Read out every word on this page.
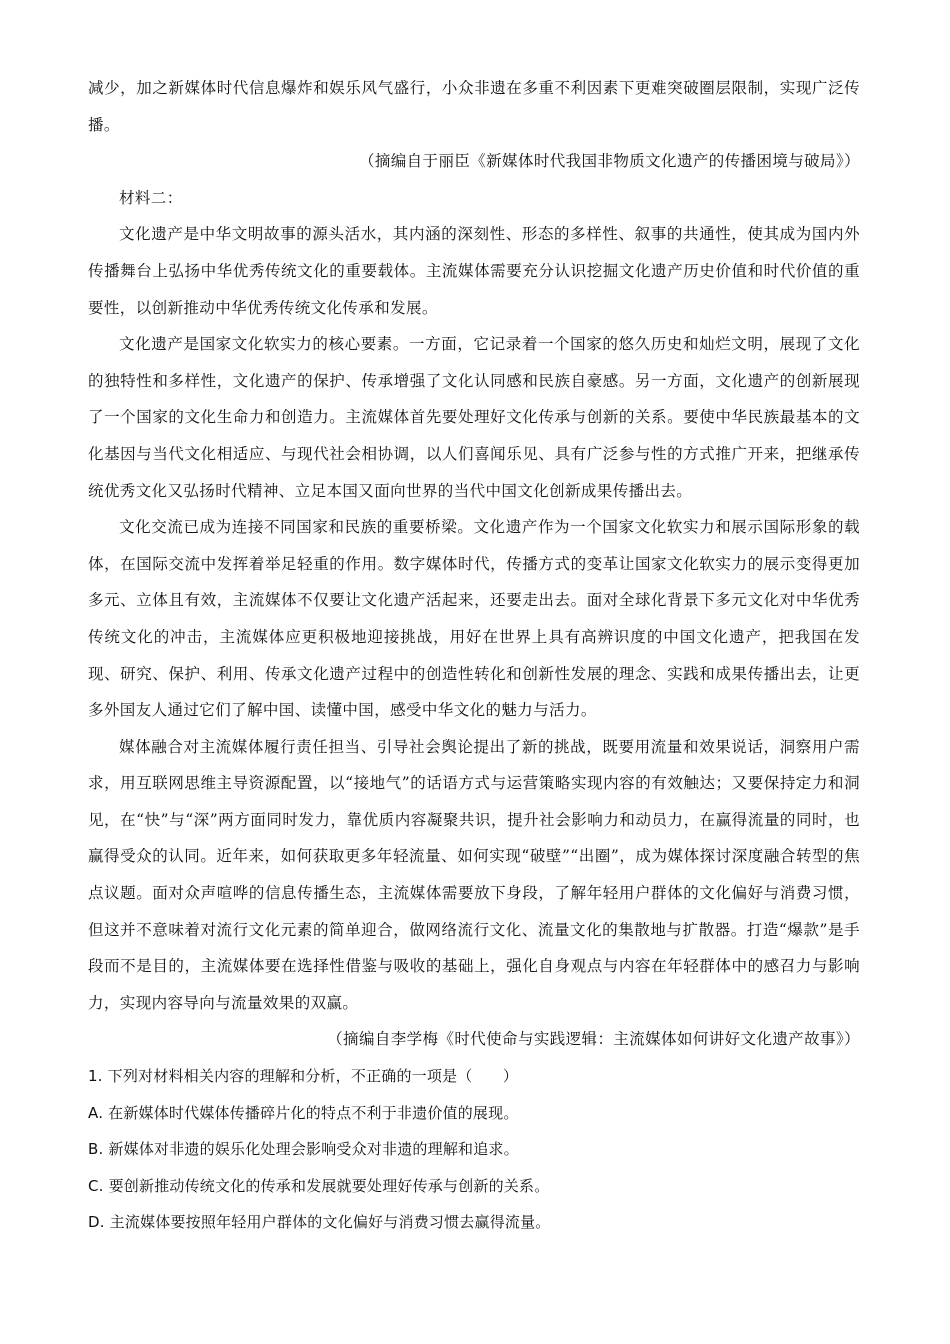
减少，加之新媒体时代信息爆炸和娱乐风气盛行，小众非遗在多重不利因素下更难突破圈层限制，实现广泛传播。

（摘编自于丽臣《新媒体时代我国非物质文化遗产的传播困境与破局》）

材料二：

文化遗产是中华文明故事的源头活水，其内涵的深刻性、形态的多样性、叙事的共通性，使其成为国内外传播舞台上弘扬中华优秀传统文化的重要载体。主流媒体需要充分认识挖掘文化遗产历史价值和时代价值的重要性，以创新推动中华优秀传统文化传承和发展。

文化遗产是国家文化软实力的核心要素。一方面，它记录着一个国家的悠久历史和灿烂文明，展现了文化的独特性和多样性，文化遗产的保护、传承增强了文化认同感和民族自豪感。另一方面，文化遗产的创新展现了一个国家的文化生命力和创造力。主流媒体首先要处理好文化传承与创新的关系。要使中华民族最基本的文化基因与当代文化相适应、与现代社会相协调，以人们喜闻乐见、具有广泛参与性的方式推广开来，把继承传统优秀文化又弘扬时代精神、立足本国又面向世界的当代中国文化创新成果传播出去。

文化交流已成为连接不同国家和民族的重要桥梁。文化遗产作为一个国家文化软实力和展示国际形象的载体，在国际交流中发挥着举足轻重的作用。数字媒体时代，传播方式的变革让国家文化软实力的展示变得更加多元、立体且有效，主流媒体不仅要让文化遗产活起来，还要走出去。面对全球化背景下多元文化对中华优秀传统文化的冲击，主流媒体应更积极地迎接挑战，用好在世界上具有高辨识度的中国文化遗产，把我国在发现、研究、保护、利用、传承文化遗产过程中的创造性转化和创新性发展的理念、实践和成果传播出去，让更多外国友人通过它们了解中国、读懂中国，感受中华文化的魅力与活力。

媒体融合对主流媒体履行责任担当、引导社会舆论提出了新的挑战，既要用流量和效果说话，洞察用户需求，用互联网思维主导资源配置，以“接地气”的话语方式与运营策略实现内容的有效触达；又要保持定力和洞见，在“快”与“深”两方面同时发力，靠优质内容凝聚共识，提升社会影响力和动员力，在赢得流量的同时，也赢得受众的认同。近年来，如何获取更多年轻流量、如何实现“破壁”“出圈”，成为媒体探讨深度融合转型的焦点议题。面对众声喧哗的信息传播生态，主流媒体需要放下身段，了解年轻用户群体的文化偏好与消费习惯，但这并不意味着对流行文化元素的简单迎合，做网络流行文化、流量文化的集散地与扩散器。打造“爆款”是手段而不是目的，主流媒体要在选择性借鉴与吸收的基础上，强化自身观点与内容在年轻群体中的感召力与影响力，实现内容导向与流量效果的双赢。

（摘编自李学梅《时代使命与实践逻辑：主流媒体如何讲好文化遗产故事》）

1. 下列对材料相关内容的理解和分析，不正确的一项是（　　）

A. 在新媒体时代媒体传播碎片化的特点不利于非遗价值的展现。

B. 新媒体对非遗的娱乐化处理会影响受众对非遗的理解和追求。

C. 要创新推动传统文化的传承和发展就要处理好传承与创新的关系。

D. 主流媒体要按照年轻用户群体的文化偏好与消费习惯去赢得流量。
